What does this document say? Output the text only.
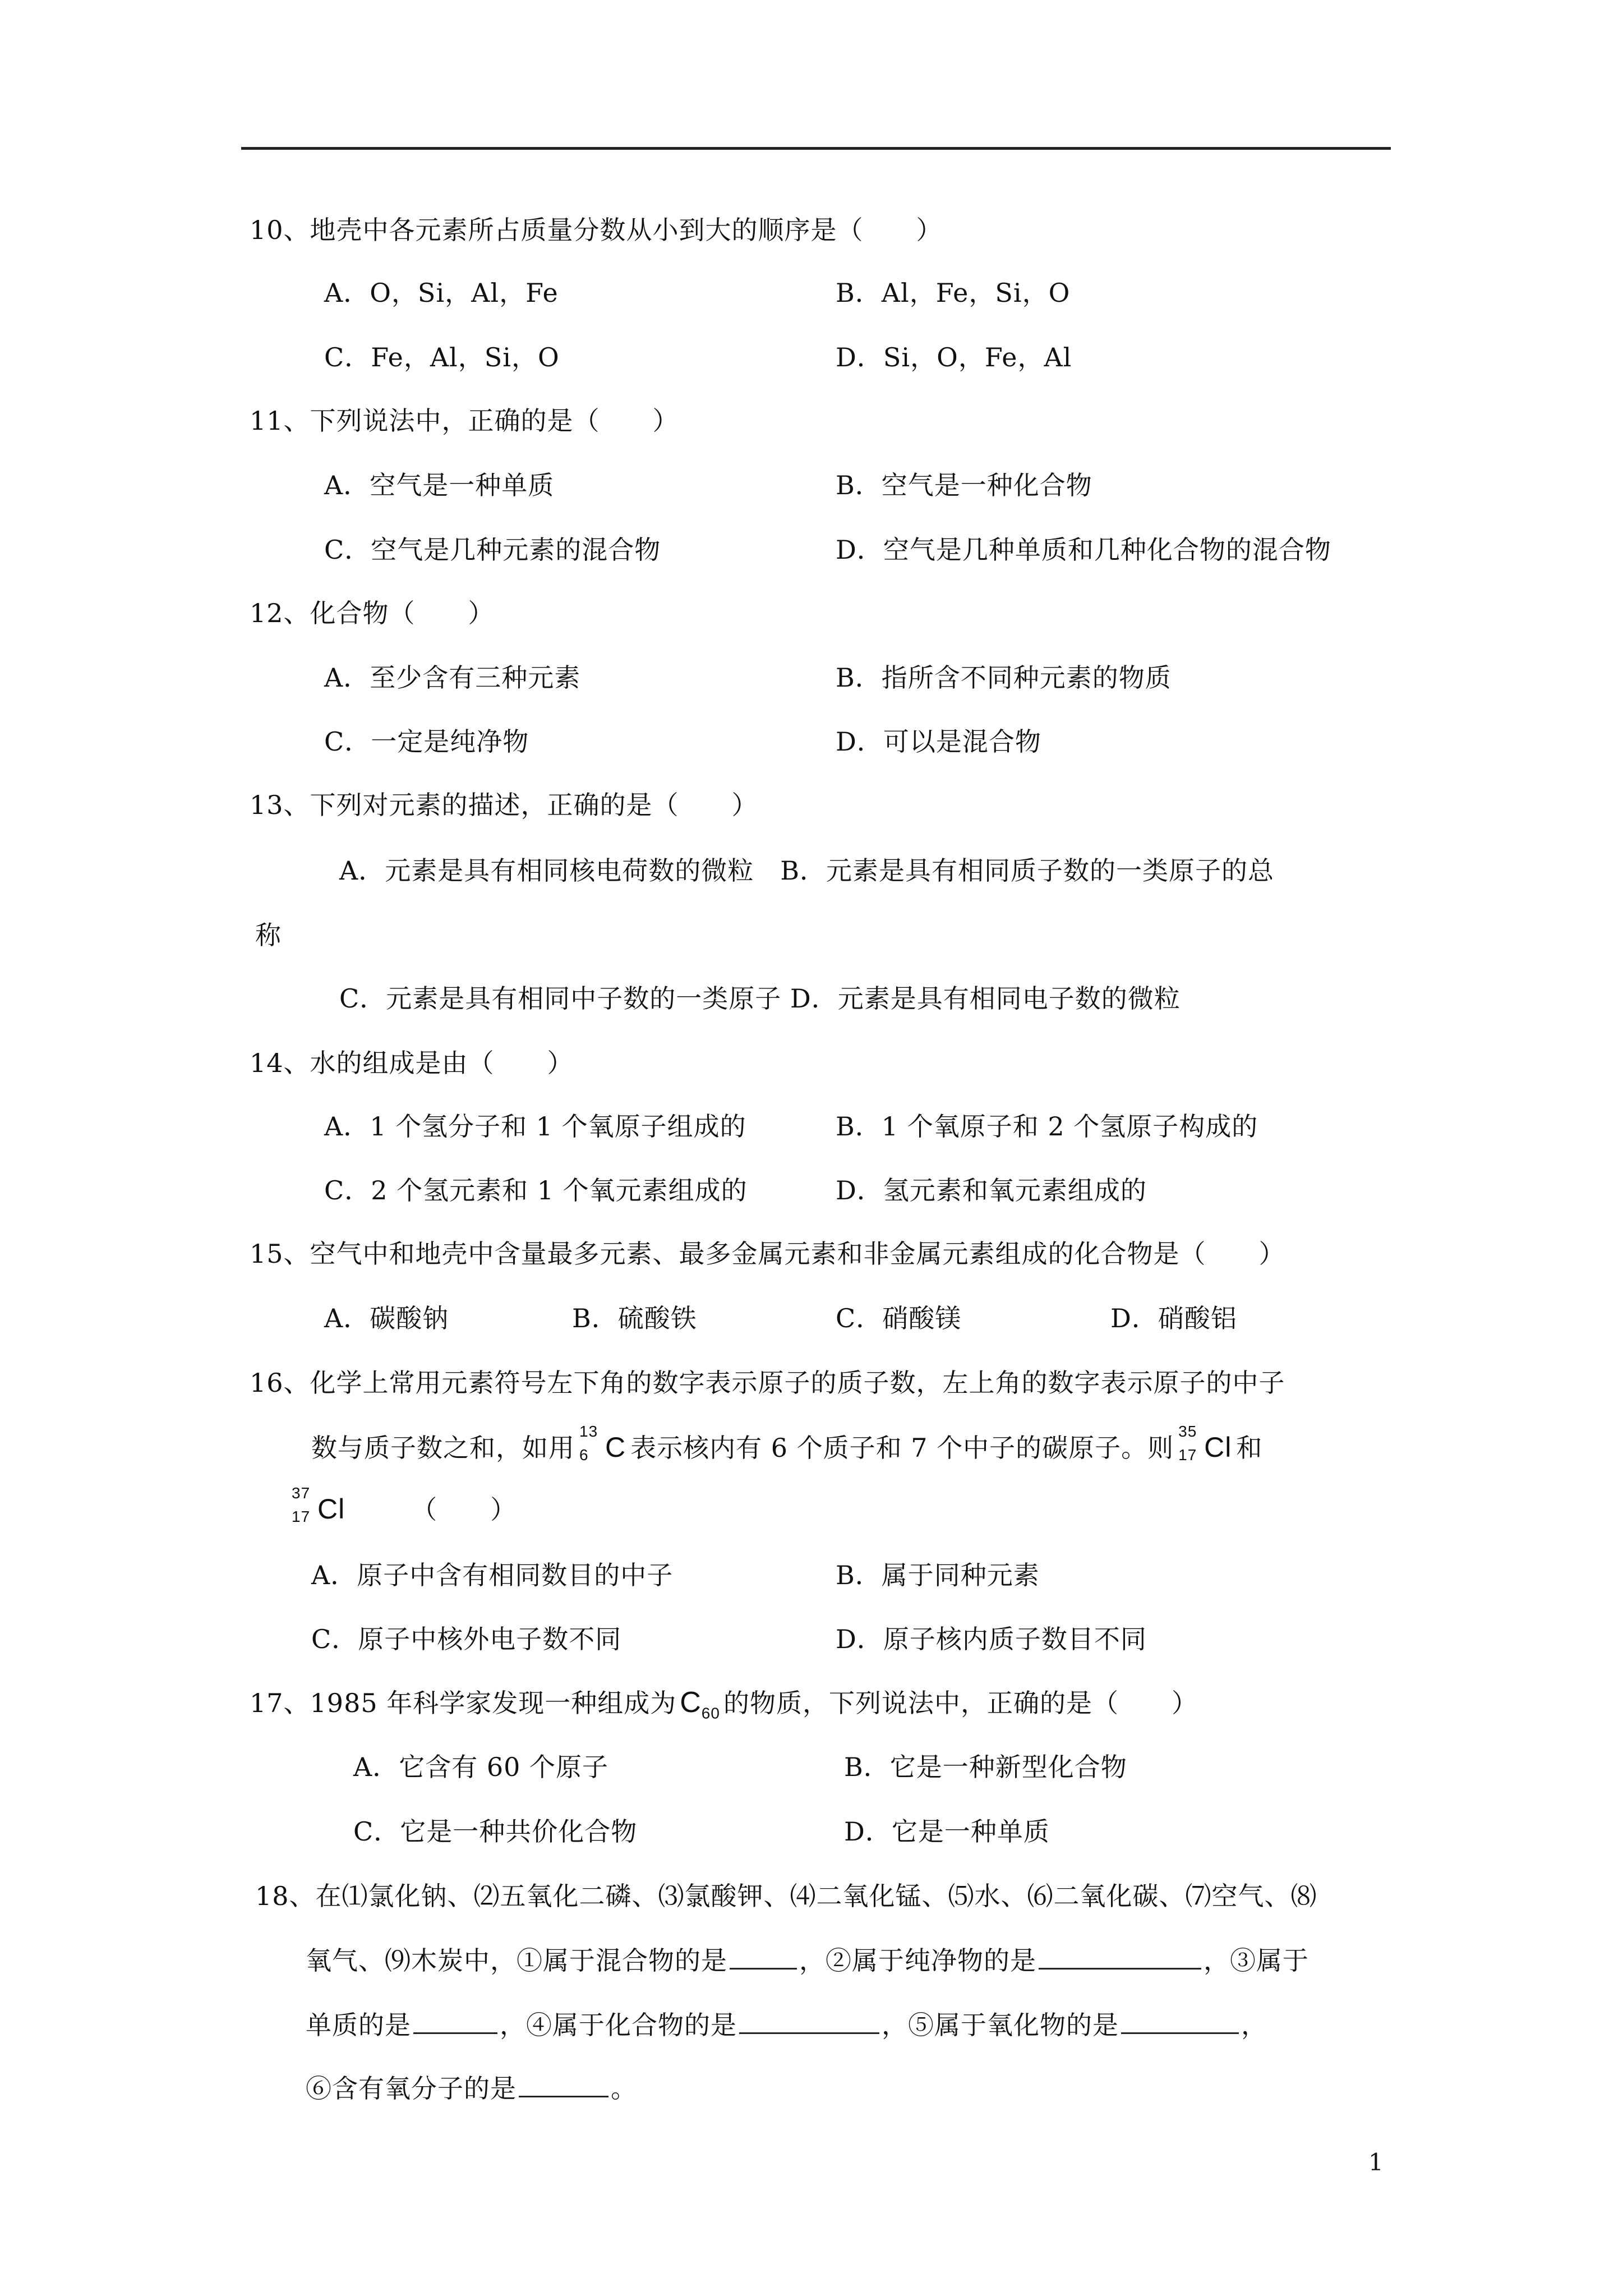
10、地壳中各元素所占质量分数从小到大的顺序是（　　）
A．O，Si，Al，Fe	B．Al，Fe，Si，O
C．Fe，Al，Si，O	D．Si，O，Fe，Al
11、下列说法中，正确的是（　　）
A．空气是一种单质	B．空气是一种化合物
C．空气是几种元素的混合物	D．空气是几种单质和几种化合物的混合物
12、化合物（　　）
A．至少含有三种元素	B．指所含不同种元素的物质
C．一定是纯净物	D．可以是混合物
13、下列对元素的描述，正确的是（　　）
A．元素是具有相同核电荷数的微粒　B．元素是具有相同质子数的一类原子的总
称
C．元素是具有相同中子数的一类原子 D．元素是具有相同电子数的微粒
14、水的组成是由（　　）
A．1 个氢分子和 1 个氧原子组成的	B．1 个氧原子和 2 个氢原子构成的
C．2 个氢元素和 1 个氧元素组成的	D．氢元素和氧元素组成的
15、空气中和地壳中含量最多元素、最多金属元素和非金属元素组成的化合物是（　　）
A．碳酸钠	B．硫酸铁	C．硝酸镁	D．硝酸铝
16、化学上常用元素符号左下角的数字表示原子的质子数，左上角的数字表示原子的中子
数与质子数之和，如用
13
6 C 表示核内有 6 个质子和 7 个中子的碳原子。则
35
17 Cl 和
37
17 Cl	（　　）
A．原子中含有相同数目的中子	B．属于同种元素
C．原子中核外电子数不同	D．原子核内质子数目不同
17、1985 年科学家发现一种组成为 $C_{60}$ 的物质，下列说法中，正确的是（　　）
A．它含有 60 个原子	B．它是一种新型化合物
C．它是一种共价化合物	D．它是一种单质
18、在⑴氯化钠、⑵五氧化二磷、⑶氯酸钾、⑷二氧化锰、⑸水、⑹二氧化碳、⑺空气、⑻
氧气、⑼木炭中，①属于混合物的是	，②属于纯净物的是	，③属于
单质的是	，④属于化合物的是	，⑤属于氧化物的是	，
⑥含有氧分子的是	。
1
